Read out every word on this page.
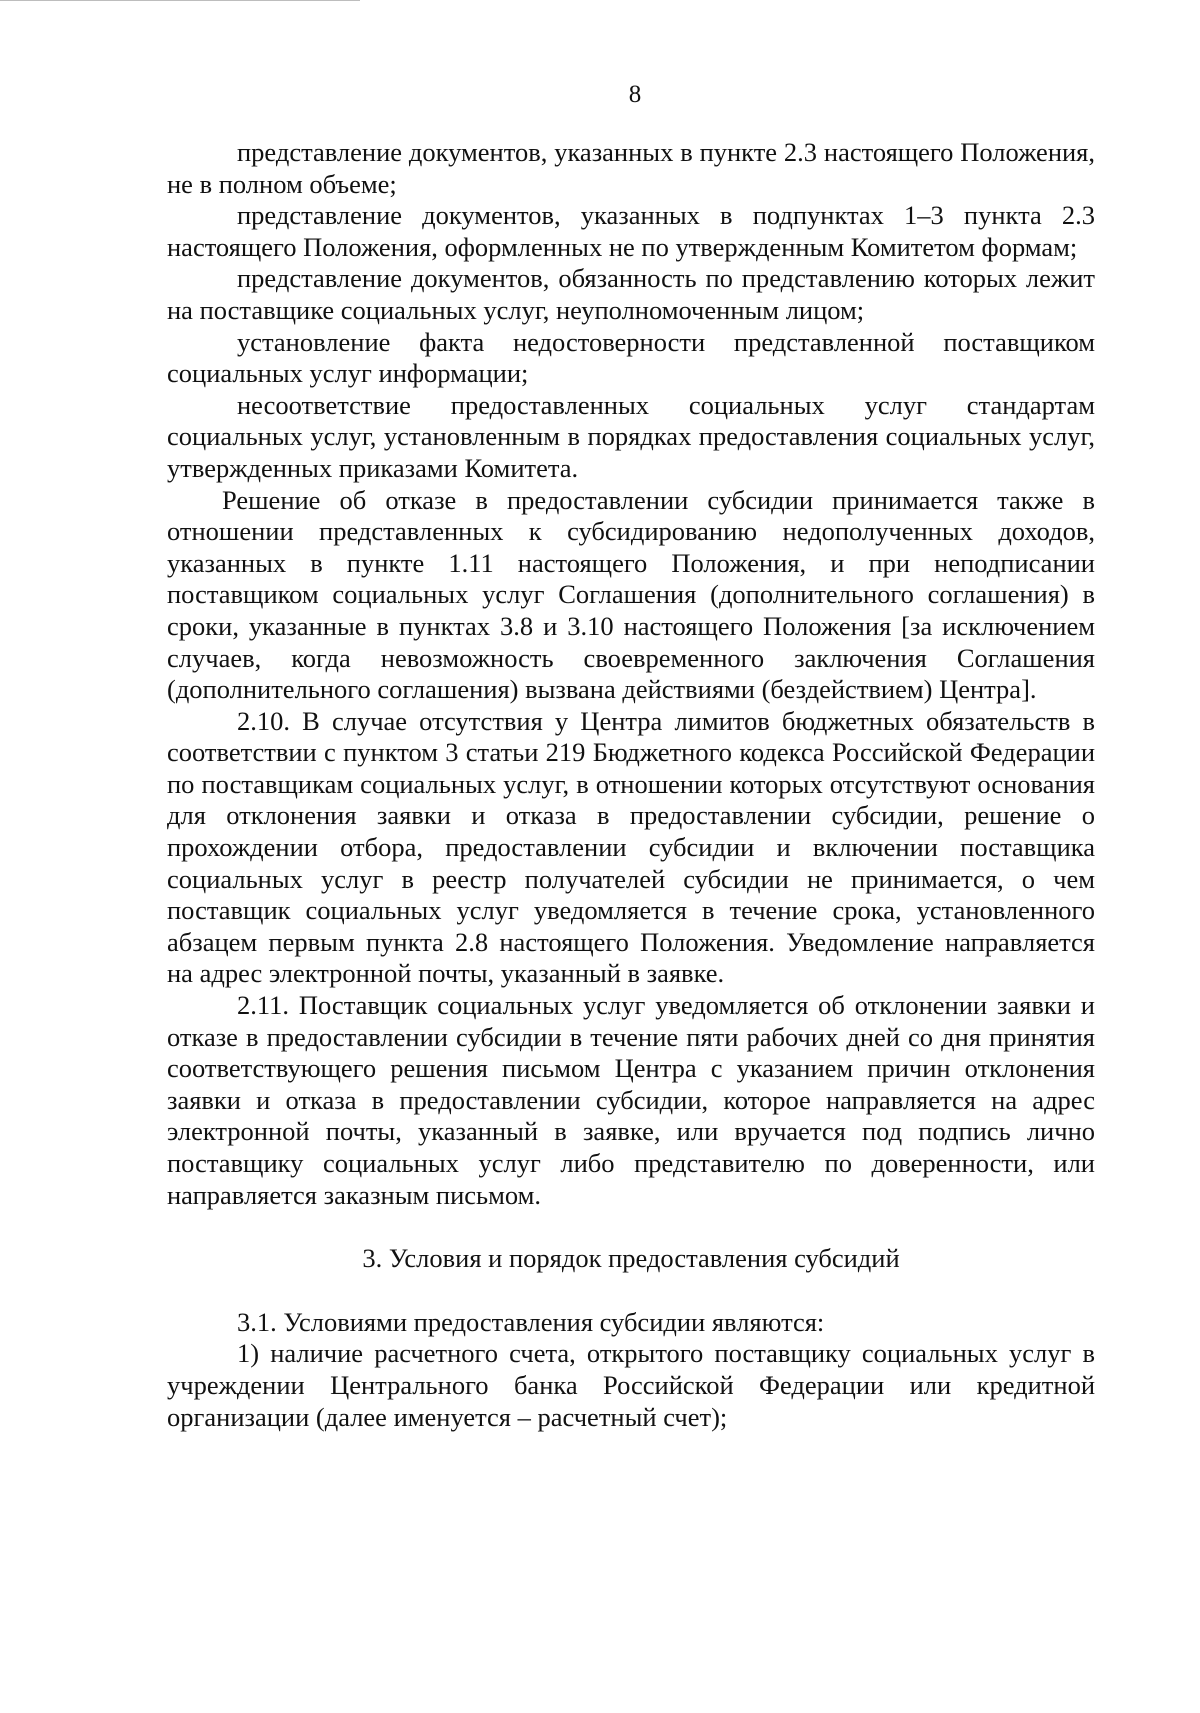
8

представление документов, указанных в пункте 2.3 настоящего Положения, не в полном объеме;

представление документов, указанных в подпунктах 1–3 пункта 2.3 настоящего Положения, оформленных не по утвержденным Комитетом формам;

представление документов, обязанность по представлению которых лежит на поставщике социальных услуг, неуполномоченным лицом;

установление факта недостоверности представленной поставщиком социальных услуг информации;

несоответствие предоставленных социальных услуг стандартам социальных услуг, установленным в порядках предоставления социальных услуг, утвержденных приказами Комитета.

Решение об отказе в предоставлении субсидии принимается также в отношении представленных к субсидированию недополученных доходов, указанных в пункте 1.11 настоящего Положения, и при неподписании поставщиком социальных услуг Соглашения (дополнительного соглашения) в сроки, указанные в пунктах 3.8 и 3.10 настоящего Положения [за исключением случаев, когда невозможность своевременного заключения Соглашения (дополнительного соглашения) вызвана действиями (бездействием) Центра].

2.10. В случае отсутствия у Центра лимитов бюджетных обязательств в соответствии с пунктом 3 статьи 219 Бюджетного кодекса Российской Федерации по поставщикам социальных услуг, в отношении которых отсутствуют основания для отклонения заявки и отказа в предоставлении субсидии, решение о прохождении отбора, предоставлении субсидии и включении поставщика социальных услуг в реестр получателей субсидии не принимается, о чем поставщик социальных услуг уведомляется в течение срока, установленного абзацем первым пункта 2.8 настоящего Положения. Уведомление направляется на адрес электронной почты, указанный в заявке.

2.11. Поставщик социальных услуг уведомляется об отклонении заявки и отказе в предоставлении субсидии в течение пяти рабочих дней со дня принятия соответствующего решения письмом Центра с указанием причин отклонения заявки и отказа в предоставлении субсидии, которое направляется на адрес электронной почты, указанный в заявке, или вручается под подпись лично поставщику социальных услуг либо представителю по доверенности, или направляется заказным письмом.

3. Условия и порядок предоставления субсидий

3.1. Условиями предоставления субсидии являются:

1) наличие расчетного счета, открытого поставщику социальных услуг в учреждении Центрального банка Российской Федерации или кредитной организации (далее именуется – расчетный счет);
